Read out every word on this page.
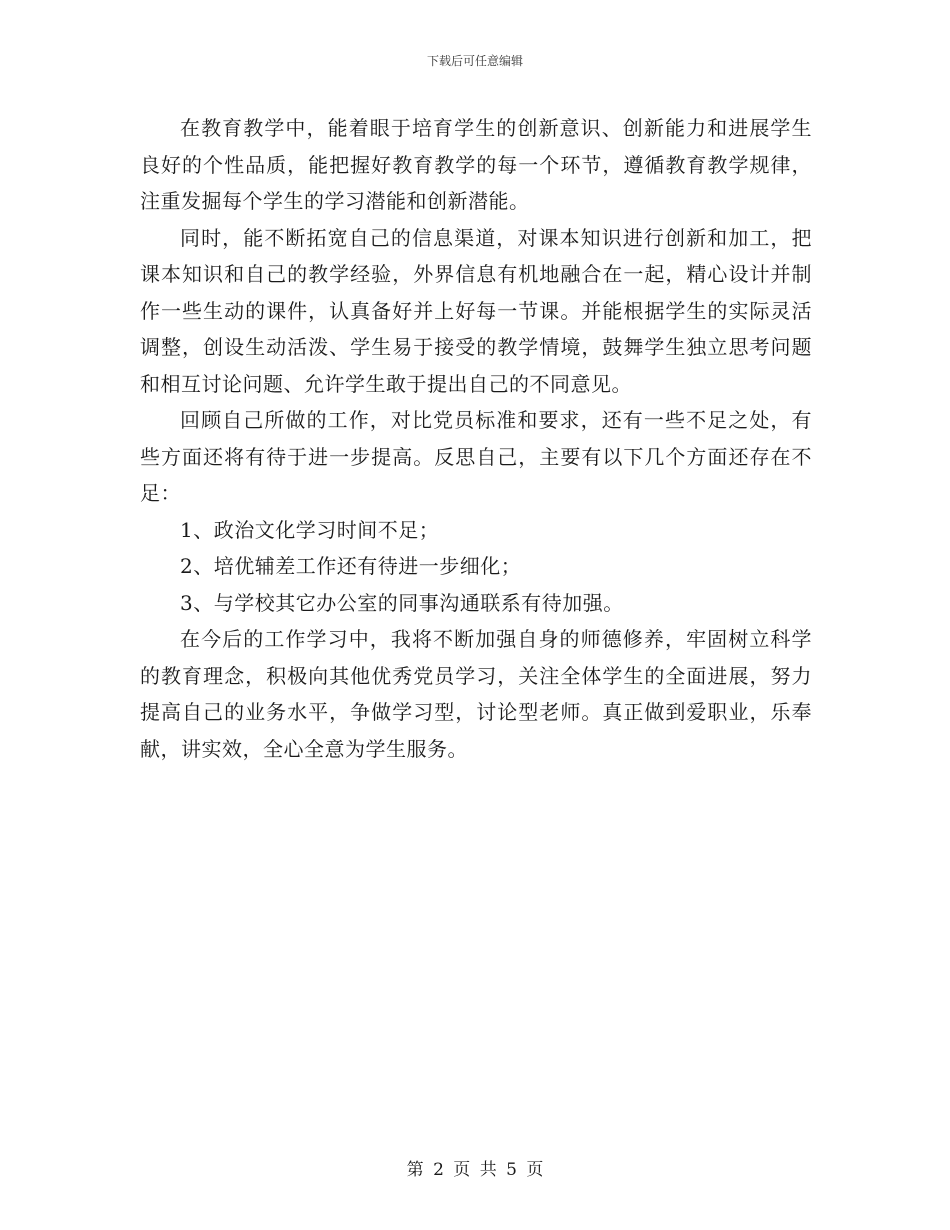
下载后可任意编辑

在教育教学中，能着眼于培育学生的创新意识、创新能力和进展学生良好的个性品质，能把握好教育教学的每一个环节，遵循教育教学规律，注重发掘每个学生的学习潜能和创新潜能。

同时，能不断拓宽自己的信息渠道，对课本知识进行创新和加工，把课本知识和自己的教学经验，外界信息有机地融合在一起，精心设计并制作一些生动的课件，认真备好并上好每一节课。并能根据学生的实际灵活调整，创设生动活泼、学生易于接受的教学情境，鼓舞学生独立思考问题和相互讨论问题、允许学生敢于提出自己的不同意见。

回顾自己所做的工作，对比党员标准和要求，还有一些不足之处，有些方面还将有待于进一步提高。反思自己，主要有以下几个方面还存在不足：

1、政治文化学习时间不足；

2、培优辅差工作还有待进一步细化；

3、与学校其它办公室的同事沟通联系有待加强。

在今后的工作学习中，我将不断加强自身的师德修养，牢固树立科学的教育理念，积极向其他优秀党员学习，关注全体学生的全面进展，努力提高自己的业务水平，争做学习型，讨论型老师。真正做到爱职业，乐奉献，讲实效，全心全意为学生服务。

第 2 页 共 5 页
